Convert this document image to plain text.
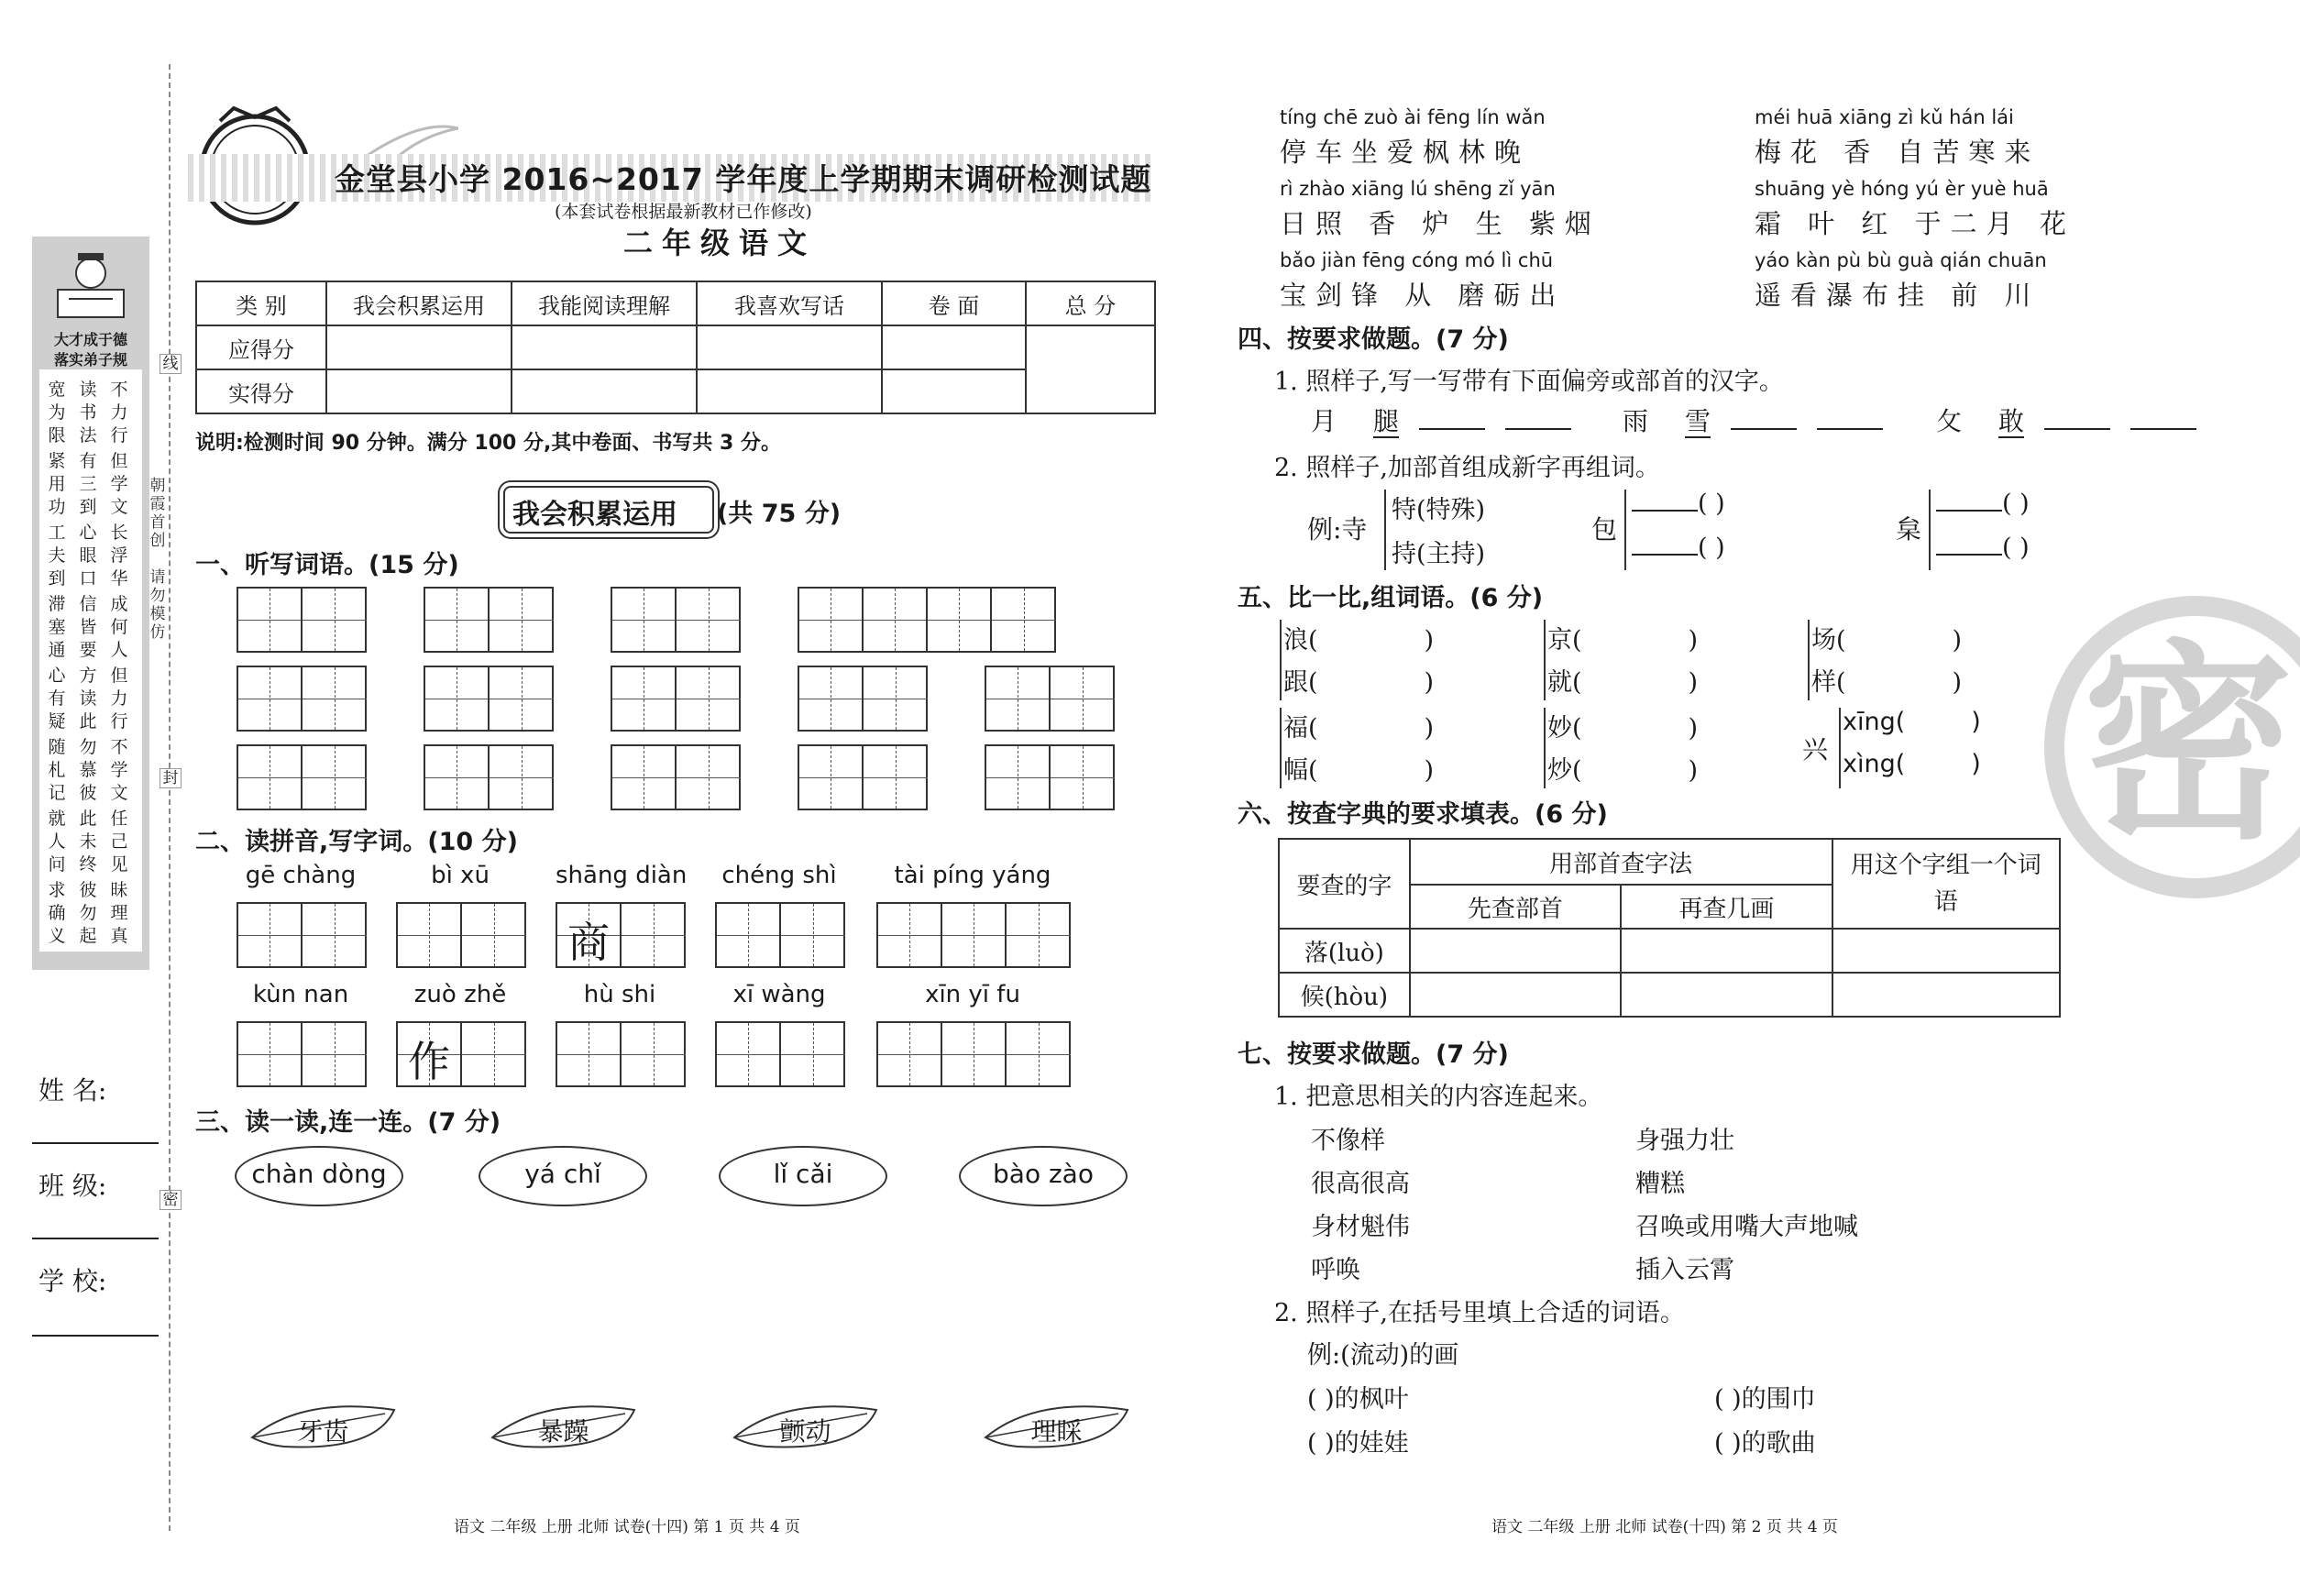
大才成于德
落实弟子规
宽为限
读书法
不力行
紧用功
有三到
但学文
工夫到
心眼口
长浮华
滞塞通
信皆要
成何人
心有疑
方读此
但力行
随札记
勿慕彼
不学文
就人问
此未终
任己见
求确义
彼勿起
昧理真
线
封
密
朝霞首创
请勿模仿
姓 名:
班 级:
学 校:
金堂县小学 2016~2017 学年度上学期期末调研检测试题
(本套试卷根据最新教材已作修改)
二年级语文
类 别	我会积累运用	我能阅读理解	我喜欢写话	卷 面	总 分
应得分					
实得分					
说明:检测时间 90 分钟。满分 100 分,其中卷面、书写共 3 分。
我会积累运用 (共 75 分)
一、听写词语。(15 分)
二、读拼音,写字词。(10 分)
gē chàng	bì xū	shāng diàn
商
chéng shì	tài píng yáng
kùn nan	zuò zhě
作
hù shi	xī wàng	xīn yī fu
三、读一读,连一连。(7 分)
chàn dòng	yá chǐ	lǐ cǎi	bào zào
牙齿	暴躁	颤动	理睬
语文 二年级 上册 北师 试卷(十四) 第 1 页 共 4 页
tíng chē zuò ài fēng lín wǎn
停车坐爱枫林晚
méi huā xiāng zì kǔ hán lái
梅花 香 自苦寒来
rì zhào xiāng lú shēng zǐ yān
日照 香 炉 生 紫烟
shuāng yè hóng yú èr yuè huā
霜 叶 红 于二月 花
bǎo jiàn fēng cóng mó lì chū
宝剑锋 从 磨砺出
yáo kàn pù bù guà qián chuān
遥看瀑布挂 前 川
四、按要求做题。(7 分)
1. 照样子,写一写带有下面偏旁或部首的汉字。
月 腿	雨 雪	攵 敢
2. 照样子,加部首组成新字再组词。
例:寺
特(特殊)
持(主持)
包
( )
( )
枲
( )
( )
五、比一比,组词语。(6 分)
浪(	)
跟(	)
京(	)
就(	)
场(	)
样(	)
福(	)
幅(	)
妙(	)
炒(	)
xīng(	)
xìng(	)
兴
六、按查字典的要求填表。(6 分)
要查的字	用部首查字法		用这个字组一个词语
	先查部首	再查几画	
落(luò)			
候(hòu)			
七、按要求做题。(7 分)
1. 把意思相关的内容连起来。
不像样
很高很高
身材魁伟
呼唤
身强力壮
糟糕
召唤或用嘴大声地喊
插入云霄
2. 照样子,在括号里填上合适的词语。
例:(流动)的画
( )的枫叶	( )的围巾
( )的娃娃	( )的歌曲
语文 二年级 上册 北师 试卷(十四) 第 2 页 共 4 页
密
